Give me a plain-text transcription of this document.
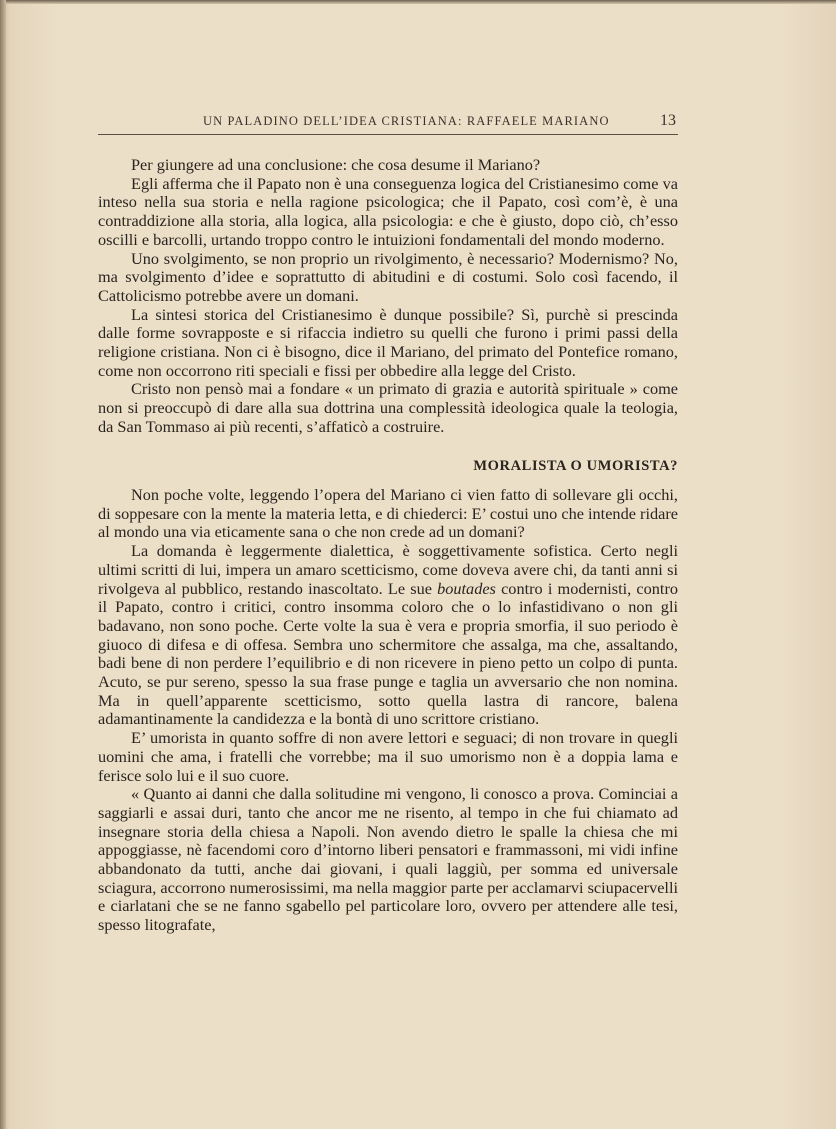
UN PALADINO DELL’IDEA CRISTIANA: RAFFAELE MARIANO	13

Per giungere ad una conclusione: che cosa desume il Mariano?

Egli afferma che il Papato non è una conseguenza logica del Cristianesimo come va inteso nella sua storia e nella ragione psicologica; che il Papato, così com’è, è una contraddizione alla storia, alla logica, alla psicologia: e che è giusto, dopo ciò, ch’esso oscilli e barcolli, urtando troppo contro le intuizioni fondamentali del mondo moderno.

Uno svolgimento, se non proprio un rivolgimento, è necessario? Modernismo? No, ma svolgimento d’idee e soprattutto di abitudini e di costumi. Solo così facendo, il Cattolicismo potrebbe avere un domani.

La sintesi storica del Cristianesimo è dunque possibile? Sì, purchè si prescinda dalle forme sovrapposte e si rifaccia indietro su quelli che furono i primi passi della religione cristiana. Non ci è bisogno, dice il Mariano, del primato del Pontefice romano, come non occorrono riti speciali e fissi per obbedire alla legge del Cristo.

Cristo non pensò mai a fondare « un primato di grazia e autorità spirituale » come non si preoccupò di dare alla sua dottrina una complessità ideologica quale la teologia, da San Tommaso ai più recenti, s’affaticò a costruire.

MORALISTA O UMORISTA?

Non poche volte, leggendo l’opera del Mariano ci vien fatto di sollevare gli occhi, di soppesare con la mente la materia letta, e di chiederci: E’ costui uno che intende ridare al mondo una via eticamente sana o che non crede ad un domani?

La domanda è leggermente dialettica, è soggettivamente sofistica. Certo negli ultimi scritti di lui, impera un amaro scetticismo, come doveva avere chi, da tanti anni si rivolgeva al pubblico, restando inascoltato. Le sue boutades contro i modernisti, contro il Papato, contro i critici, contro insomma coloro che o lo infastidivano o non gli badavano, non sono poche. Certe volte la sua è vera e propria smorfia, il suo periodo è giuoco di difesa e di offesa. Sembra uno schermitore che assalga, ma che, assaltando, badi bene di non perdere l’equilibrio e di non ricevere in pieno petto un colpo di punta. Acuto, se pur sereno, spesso la sua frase punge e taglia un avversario che non nomina. Ma in quell’apparente scetticismo, sotto quella lastra di rancore, balena adamantinamente la candidezza e la bontà di uno scrittore cristiano.

E’ umorista in quanto soffre di non avere lettori e seguaci; di non trovare in quegli uomini che ama, i fratelli che vorrebbe; ma il suo umorismo non è a doppia lama e ferisce solo lui e il suo cuore.

« Quanto ai danni che dalla solitudine mi vengono, li conosco a prova. Cominciai a saggiarli e assai duri, tanto che ancor me ne risento, al tempo in che fui chiamato ad insegnare storia della chiesa a Napoli. Non avendo dietro le spalle la chiesa che mi appoggiasse, nè facendomi coro d’intorno liberi pensatori e frammassoni, mi vidi infine abbandonato da tutti, anche dai giovani, i quali laggiù, per somma ed universale sciagura, accorrono numerosissimi, ma nella maggior parte per acclamarvi sciupacervelli e ciarlatani che se ne fanno sgabello pel particolare loro, ovvero per attendere alle tesi, spesso litografate,
